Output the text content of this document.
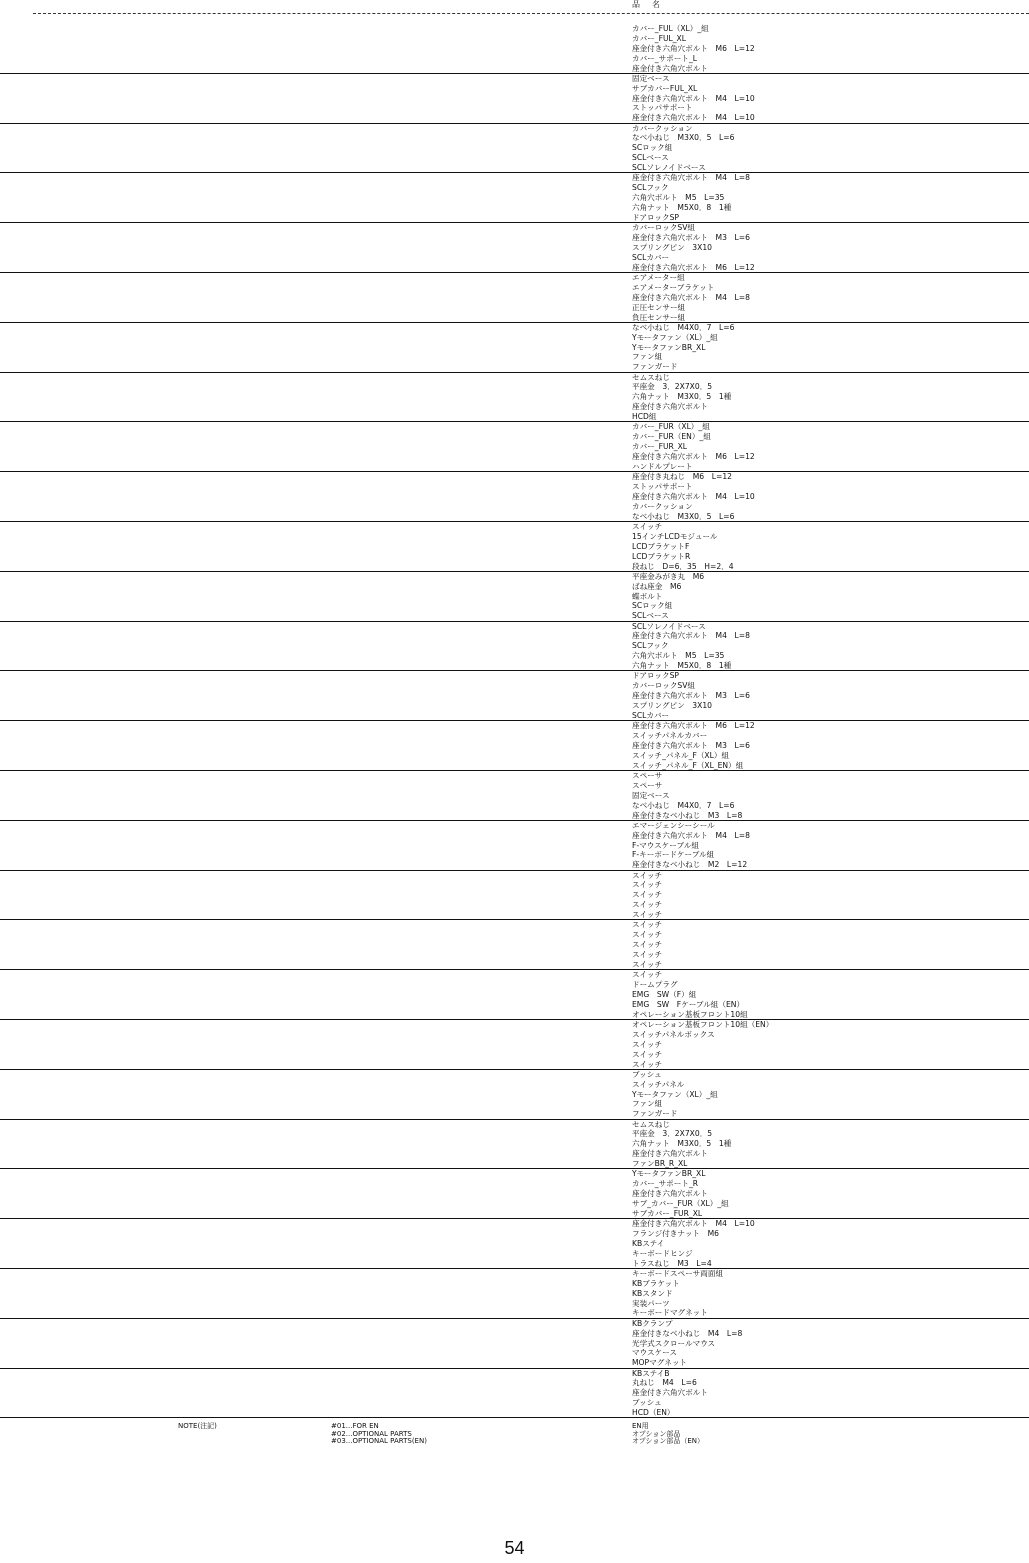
品　名
カバー_FUL（XL）_組
カバー_FUL_XL
座金付き六角穴ボルト　M6　L=12
カバー_サポート_L
座金付き六角穴ボルト
固定ベース
サブカバーFUL_XL
座金付き六角穴ボルト　M4　L=10
ストッパサポート
座金付き六角穴ボルト　M4　L=10
カバークッション
なべ小ねじ　M3X0．5　L=6
SCロック組
SCLベース
SCLソレノイドベース
座金付き六角穴ボルト　M4　L=8
SCLフック
六角穴ボルト　M5　L=35
六角ナット　M5X0．8　1種
ドアロックSP
カバーロックSV組
座金付き六角穴ボルト　M3　L=6
スプリングピン　3X10
SCLカバー
座金付き六角穴ボルト　M6　L=12
エアメーター組
エアメーターブラケット
座金付き六角穴ボルト　M4　L=8
正圧センサー組
負圧センサー組
なべ小ねじ　M4X0．7　L=6
Yモータファン（XL）_組
YモータファンBR_XL
ファン組
ファンガード
セムスねじ
平座金　3．2X7X0．5
六角ナット　M3X0．5　1種
座金付き六角穴ボルト
HCD組
カバー_FUR（XL）_組
カバー_FUR（EN）_組
カバー_FUR_XL
座金付き六角穴ボルト　M6　L=12
ハンドルプレート
座金付き丸ねじ　M6　L=12
ストッパサポート
座金付き六角穴ボルト　M4　L=10
カバークッション
なべ小ねじ　M3X0．5　L=6
スイッチ
15インチLCDモジュール
LCDブラケットF
LCDブラケットR
段ねじ　D=6．35　H=2．4
平座金みがき丸　M6
ばね座金　M6
蝶ボルト
SCロック組
SCLベース
SCLソレノイドベース
座金付き六角穴ボルト　M4　L=8
SCLフック
六角穴ボルト　M5　L=35
六角ナット　M5X0．8　1種
ドアロックSP
カバーロックSV組
座金付き六角穴ボルト　M3　L=6
スプリングピン　3X10
SCLカバー
座金付き六角穴ボルト　M6　L=12
スイッチパネルカバー
座金付き六角穴ボルト　M3　L=6
スイッチ_パネル_F（XL）組
スイッチ_パネル_F（XL_EN）組
スペーサ
スペーサ
固定ベース
なべ小ねじ　M4X0．7　L=6
座金付きなべ小ねじ　M3　L=8
エマージェンシーシール
座金付き六角穴ボルト　M4　L=8
F-マウスケーブル組
F-キーボードケーブル組
座金付きなべ小ねじ　M2　L=12
スイッチ
スイッチ
スイッチ
スイッチ
スイッチ
スイッチ
スイッチ
スイッチ
スイッチ
スイッチ
スイッチ
ドームプラグ
EMG　SW（F）組
EMG　SW　Fケーブル組（EN）
オペレーション基板フロント10組
オペレーション基板フロント10組（EN）
スイッチパネルボックス
スイッチ
スイッチ
スイッチ
ブッシュ
スイッチパネル
Yモータファン（XL）_組
ファン組
ファンガード
セムスねじ
平座金　3．2X7X0．5
六角ナット　M3X0．5　1種
座金付き六角穴ボルト
ファンBR_R_XL
YモータファンBR_XL
カバー_サポート_R
座金付き六角穴ボルト
サブ_カバー_FUR（XL）_組
サブカバー_FUR_XL
座金付き六角穴ボルト　M4　L=10
フランジ付きナット　M6
KBステイ
キーボードヒンジ
トラスねじ　M3　L=4
キーボードスペーサ両面組
KBブラケット
KBスタンド
実装パーツ
キーボードマグネット
KBクランプ
座金付きなべ小ねじ　M4　L=8
光学式スクロールマウス
マウスケース
MOPマグネット
KBステイB
丸ねじ　M4　L=6
座金付き六角穴ボルト
ブッシュ
HCD（EN）
NOTE(注記)	#01...FOR EN
#02...OPTIONAL PARTS
#03...OPTIONAL PARTS(EN)
EN用
オプション部品
オプション部品（EN）
54
